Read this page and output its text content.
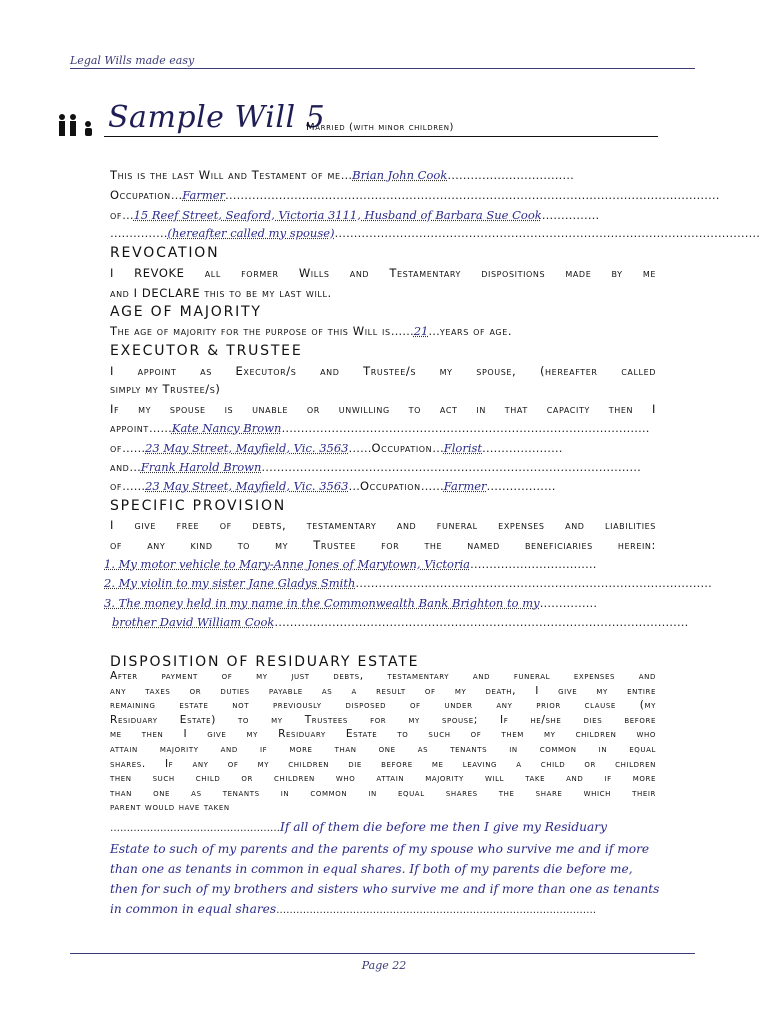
Legal Wills made easy
Sample Will 5
Married (with minor children)
This is the last Will and Testament of me…Brian John Cook……………………………
Occupation…Farmer…………………………………………………………………………………………………………………
of…15 Reef Street, Seaford, Victoria 3111, Husband of Barbara Sue Cook……………
……………(hereafter called my spouse)…………………………………………………………………………………………………
REVOCATION
I REVOKE all former Wills and Testamentary dispositions made by me
and I DECLARE this to be my last will.
AGE OF MAJORITY
The age of majority for the purpose of this Will is……21…years of age.
EXECUTOR & TRUSTEE
I appoint as Executor/s and Trustee/s my spouse, (hereafter called
simply my Trustee/s)
If my spouse is unable or unwilling to act in that capacity then I
appoint……Kate Nancy Brown……………………………………………………………………………………
of……23 May Street, Mayfield, Vic. 3563……Occupation…Florist…………………
and…Frank Harold Brown………………………………………………………………………………………
of……23 May Street, Mayfield, Vic. 3563…Occupation……Farmer………………
SPECIFIC PROVISION
I give free of debts, testamentary and funeral expenses and liabilities
of any kind to my Trustee for the named beneficiaries herein:
1. My motor vehicle to Mary-Anne Jones of Marytown, Victoria……………………………
2. My violin to my sister Jane Gladys Smith…………………………………………………………………………………
3. The money held in my name in the Commonwealth Bank Brighton to my……………
brother David William Cook………………………………………………………………………………………………
DISPOSITION OF RESIDUARY ESTATE
After payment of my just debts, testamentary and funeral expenses and
any taxes or duties payable as a result of my death, I give my entire
remaining estate not previously disposed of under any prior clause (my
Residuary Estate) to my Trustees for my spouse; If he/she dies before
me then I give my Residuary Estate to such of them my children who
attain majority and if more than one as tenants in common in equal
shares. If any of my children die before me leaving a child or children
then such child or children who attain majority will take and if more
than one as tenants in common in equal shares the share which their
parent would have taken
……………………………………………If all of them die before me then I give my Residuary
Estate to such of my parents and the parents of my spouse who survive me and if more
than one as tenants in common in equal shares. If both of my parents die before me,
then for such of my brothers and sisters who survive me and if more than one as tenants
in common in equal shares……………………………………………………………………………………
Page 22
